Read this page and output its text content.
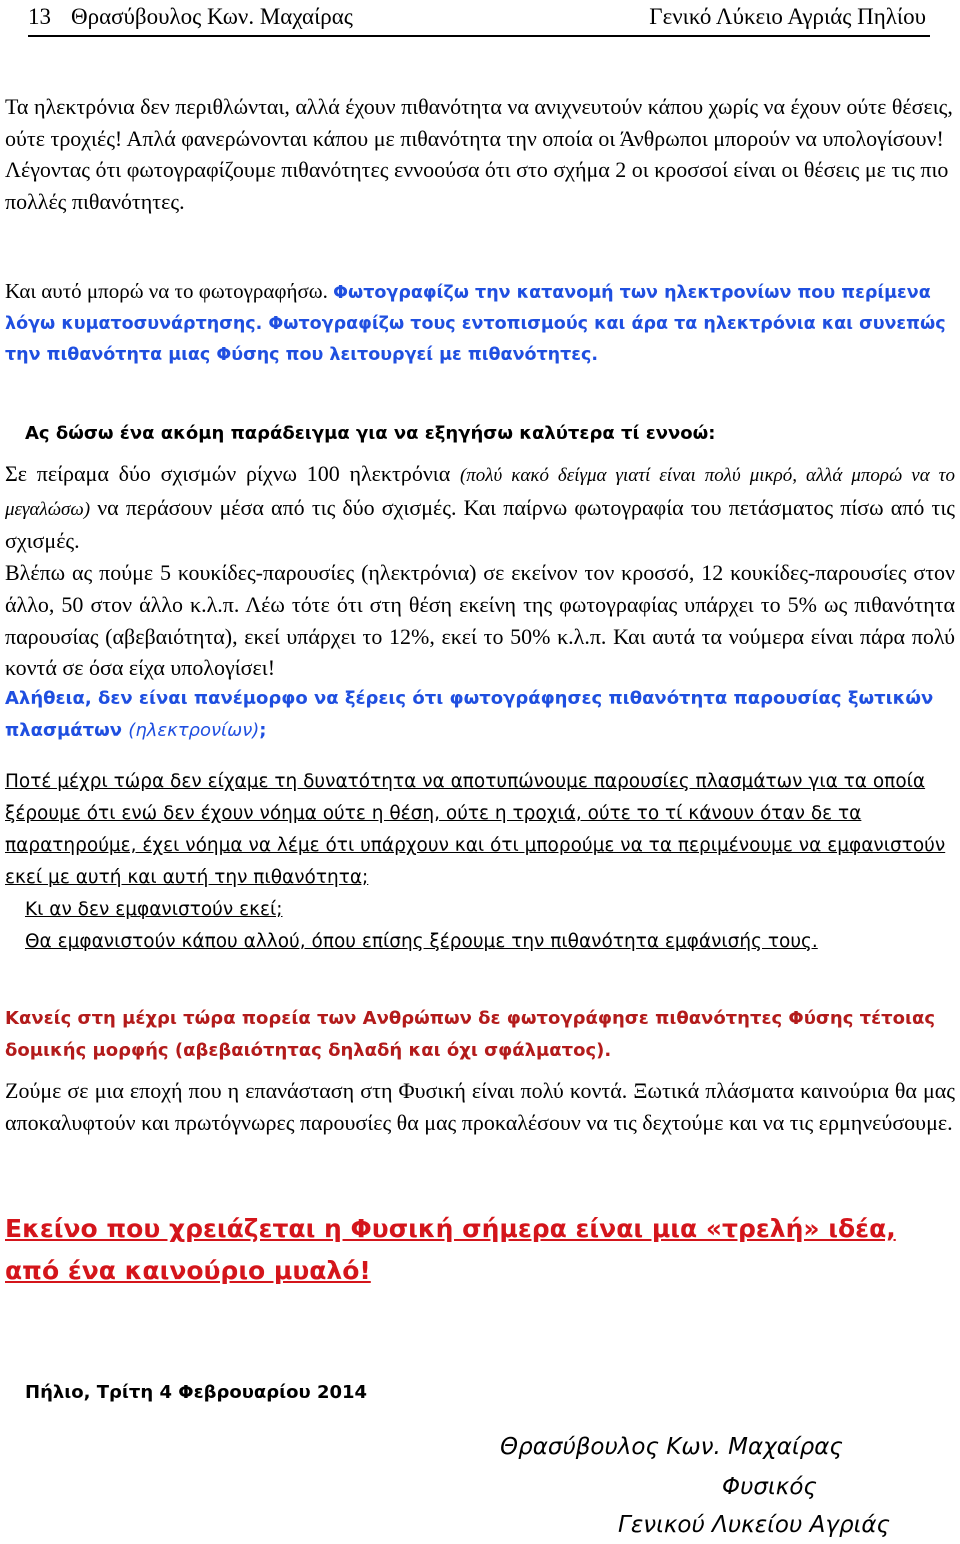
13 Θρασύβουλος Κων. Μαχαίρας	Γενικό Λύκειο Αγριάς Πηλίου

Τα ηλεκτρόνια δεν περιθλώνται, αλλά έχουν πιθανότητα να ανιχνευτούν κάπου χωρίς να έχουν ούτε θέσεις, ούτε τροχιές! Απλά φανερώνονται κάπου με πιθανότητα την οποία οι Άνθρωποι μπορούν να υπολογίσουν! Λέγοντας ότι φωτογραφίζουμε πιθανότητες εννοούσα ότι στο σχήμα 2 οι κροσσοί είναι οι θέσεις με τις πιο πολλές πιθανότητες.

Και αυτό μπορώ να το φωτογραφήσω. Φωτογραφίζω την κατανομή των ηλεκτρονίων που περίμενα λόγω κυματοσυνάρτησης. Φωτογραφίζω τους εντοπισμούς και άρα τα ηλεκτρόνια και συνεπώς την πιθανότητα μιας Φύσης που λειτουργεί με πιθανότητες.

Ας δώσω ένα ακόμη παράδειγμα για να εξηγήσω καλύτερα τί εννοώ:

Σε πείραμα δύο σχισμών ρίχνω 100 ηλεκτρόνια (πολύ κακό δείγμα γιατί είναι πολύ μικρό, αλλά μπορώ να το μεγαλώσω) να περάσουν μέσα από τις δύο σχισμές. Και παίρνω φωτογραφία του πετάσματος πίσω από τις σχισμές.
Βλέπω ας πούμε 5 κουκίδες-παρουσίες (ηλεκτρόνια) σε εκείνον τον κροσσό, 12 κουκίδες-παρουσίες στον άλλο, 50 στον άλλο κ.λ.π. Λέω τότε ότι στη θέση εκείνη της φωτογραφίας υπάρχει το 5% ως πιθανότητα παρουσίας (αβεβαιότητα), εκεί υπάρχει το 12%, εκεί το 50% κ.λ.π. Και αυτά τα νούμερα είναι πάρα πολύ κοντά σε όσα είχα υπολογίσει!

Αλήθεια, δεν είναι πανέμορφο να ξέρεις ότι φωτογράφησες πιθανότητα παρουσίας ξωτικών πλασμάτων (ηλεκτρονίων);

Ποτέ μέχρι τώρα δεν είχαμε τη δυνατότητα να αποτυπώνουμε παρουσίες πλασμάτων για τα οποία ξέρουμε ότι ενώ δεν έχουν νόημα ούτε η θέση, ούτε η τροχιά, ούτε το τί κάνουν όταν δε τα παρατηρούμε, έχει νόημα να λέμε ότι υπάρχουν και ότι μπορούμε να τα περιμένουμε να εμφανιστούν εκεί με αυτή και αυτή την πιθανότητα;
Κι αν δεν εμφανιστούν εκεί;
Θα εμφανιστούν κάπου αλλού, όπου επίσης ξέρουμε την πιθανότητα εμφάνισής τους.

Κανείς στη μέχρι τώρα πορεία των Ανθρώπων δε φωτογράφησε πιθανότητες Φύσης τέτοιας δομικής μορφής (αβεβαιότητας δηλαδή και όχι σφάλματος).

Ζούμε σε μια εποχή που η επανάσταση στη Φυσική είναι πολύ κοντά. Ξωτικά πλάσματα καινούρια θα μας αποκαλυφτούν και πρωτόγνωρες παρουσίες θα μας προκαλέσουν να τις δεχτούμε και να τις ερμηνεύσουμε.

Εκείνο που χρειάζεται η Φυσική σήμερα είναι μια «τρελή» ιδέα, από ένα καινούριο μυαλό!

Πήλιο, Τρίτη 4 Φεβρουαρίου 2014

Θρασύβουλος Κων. Μαχαίρας
Φυσικός
Γενικού Λυκείου Αγριάς
